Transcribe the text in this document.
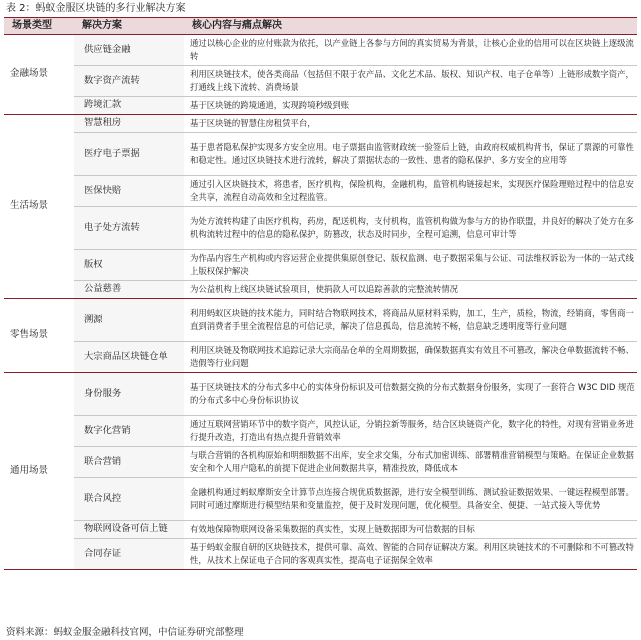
表 2：蚂蚁金服区块链的多行业解决方案
场景类型	解决方案	核心内容与痛点解决
金融场景	供应链金融	通过以核心企业的应付账款为依托，以产业链上各参与方间的真实贸易为背景，让核心企业的信用可以在区块链上逐级流转
	数字资产流转	利用区块链技术，使各类商品（包括但不限于农产品、文化艺术品、版权、知识产权、电子仓单等）上链形成数字资产，打通线上线下流转、消费场景
	跨境汇款	基于区块链的跨境通道，实现跨境秒级到账
生活场景	智慧租房	基于区块链的智慧住房租赁平台，
	医疗电子票据	基于患者隐私保护实现多方安全应用。电子票据由监管财政统一验签后上链，由政府权威机构背书，保证了票源的可靠性和稳定性。通过区块链技术进行流转，解决了票据状态的一致性、患者的隐私保护、多方安全的应用等
	医保快赔	通过引入区块链技术，将患者，医疗机构，保险机构，金融机构，监管机构链接起来，实现医疗保险理赔过程中的信息安全共享，流程自动高效和全过程监管。
	电子处方流转	为处方流转构建了由医疗机构，药房，配送机构，支付机构，监管机构做为参与方的协作联盟，并良好的解决了处方在多机构流转过程中的信息的隐私保护，防篡改，状态及时同步，全程可追溯，信息可审计等
	版权	为作品内容生产机构或内容运营企业提供集原创登记、版权监测、电子数据采集与公证、司法维权诉讼为一体的一站式线上版权保护解决
	公益慈善	为公益机构上线区块链试验项目，使捐款人可以追踪善款的完整流转情况
零售场景	溯源	利用蚂蚁区块链的技术能力，同时结合物联网技术，将商品从原材料采购，加工，生产，质检，物流，经销商，零售商一直到消费者手里全流程信息的可信记录，解决了信息孤岛，信息流转不畅，信息缺乏透明度等行业问题
	大宗商品区块链仓单	利用区块链及物联网技术追踪记录大宗商品仓单的全周期数据，确保数据真实有效且不可篡改，解决仓单数据流转不畅、造假等行业问题
通用场景	身份服务	基于区块链技术的分布式多中心的实体身份标识及可信数据交换的分布式数据身份服务，实现了一套符合 W3C DID 规范的分布式多中心身份标识协议
	数字化营销	通过互联网营销环节中的数字资产，风控认证，分销拉新等服务，结合区块链资产化，数字化的特性，对现有营销业务进行提升改造，打造出有热点提升营销效率
	联合营销	与联合营销的各机构原始和明细数据不出库，安全求交集，分布式加密训练、部署精准营销模型与策略。在保证企业数据安全和个人用户隐私的前提下促进企业间数据共享，精准投放，降低成本
	联合风控	金融机构通过蚂蚁摩斯安全计算节点连接合规优质数据源，进行安全模型训练、测试验证数据效果、一键远程模型部署。同时可通过摩斯进行模型结果和变量监控，便于及时发现问题，优化模型。具备安全、便捷、一站式接入等优势
	物联网设备可信上链	有效地保障物联网设备采集数据的真实性，实现上链数据即为可信数据的目标
	合同存证	基于蚂蚁金服自研的区块链技术，提供可靠、高效、智能的合同存证解决方案。利用区块链技术的不可删除和不可篡改特性，从技术上保证电子合同的客观真实性，提高电子证据保全效率
资料来源：蚂蚁金服金融科技官网，中信证券研究部整理
